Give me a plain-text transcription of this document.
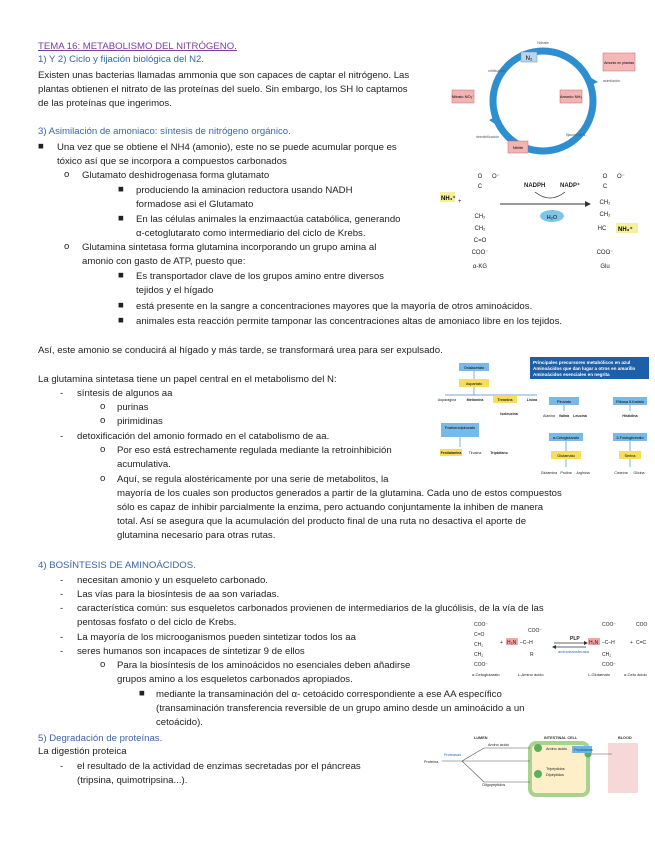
TEMA 16: METABOLISMO DEL NITRÓGENO.
1) Y 2) Ciclo y fijación biológica del N2.
Existen unas bacterias llamadas ammonia que son capaces de captar el nitrógeno. Las
plantas obtienen el nitrato de las proteínas del suelo. Sin embargo, los SH lo captamos
de las proteínas que ingerimos.
3) Asimilación de amoniaco: síntesis de nitrógeno orgánico.
■ Una vez que se obtiene el NH4 (amonio), este no se puede acumular porque es
tóxico así que se incorpora a compuestos carbonados
o Glutamato deshidrogenasa forma glutamato
■ produciendo la aminacion reductora usando NADH
formadose asi el Glutamato
■ En las células animales la enzimaactúa catabólica, generando
α-cetoglutarato como intermediario del ciclo de Krebs.
o Glutamina sintetasa forma glutamina incorporando un grupo amina al
amonio con gasto de ATP, puesto que:
■ Es transportador clave de los grupos amino entre diversos
tejidos y el hígado
■ está presente en la sangre a concentraciones mayores que la mayoría de otros aminoácidos.
■ animales esta reacción permite tamponar las concentraciones altas de amoniaco libre en los tejidos.
Así, este amonio se conducirá al hígado y más tarde, se transformará urea para ser expulsado.
La glutamina sintetasa tiene un papel central en el metabolismo del N:
- síntesis de algunos aa
o purinas
o pirimidinas
- detoxificación del amonio formado en el catabolismo de aa.
o Por eso está estrechamente regulada mediante la retroinhibición
acumulativa.
o Aquí, se regula alostéricamente por una serie de metabolitos, la
mayoría de los cuales son productos generados a partir de la glutamina. Cada uno de estos compuestos
sólo es capaz de inhibir parcialmente la enzima, pero actuando conjuntamente la inhiben de manera
total. Así se asegura que la acumulación del producto final de una ruta no desactiva el aporte de
glutamina necesario para otras rutas.
4) BOSÍNTESIS DE AMINOÁCIDOS.
- necesitan amonio y un esqueleto carbonado.
- Las vías para la biosíntesis de aa son variadas.
- característica común: sus esqueletos carbonados provienen de intermediarios de la glucólisis, de la vía de las
pentosas fosfato o del ciclo de Krebs.
- La mayoría de los microoganismos pueden sintetizar todos los aa
- seres humanos son incapaces de sintetizar 9 de ellos
o Para la biosíntesis de los aminoácidos no esenciales deben añadirse
grupos amino a los esqueletos carbonados apropiados.
■ mediante la transaminación del α- cetoácido correspondiente a ese AA específico
(transaminación transferencia reversible de un grupo amino desde un aminoácido a un
cetoácido).
5) Degradación de proteínas.
La digestión proteica
- el resultado de la actividad de enzimas secretadas por el páncreas
(tripsina, quimotripsina...).
N₂
Nitrato NO₃⁻	Amonio NH₃
Nitrite
Nitrate
Amonio en plantas
nitrificación
fijación de N₂
desnitrificación
asimilación
O O⁻
C
CH₂
CH₂
C=O
COO⁻
α-KG
O O⁻
C
CH₂
CH₂
HC
COO⁻
Glu
NADPH NADP⁺
+
NH₄⁺
NH₃⁺
H₂O
Principales precursores metabólicos en azul
Aminoácidos que dan lugar a otros en amarillo
Aminoácidos esenciales en negrita
Oxalacetato
Aspartato
Piruvato	Ribosa 5-fosfato
Fosfoenolpiruvato
α-Cetoglutarato
Glutamato
3-Fosfoglicerato
Serina
Asparagina	Metionina	Treonina	Lisina
Isoleucina	Alanina Valina Leucina	Histidina
Fenilalanina Tirosina Triptófano
Glutamina Prolina Arginina	Cisteína Glicina
COO⁻
C=O
CH₂
CH₂
COO⁻
+ H₃N –C–H
COO⁻
R
PLP
aminotransferasa
COO⁻
H₃N –C–H
CH₂
COO⁻
+
COO
C=C
α-Cetoglutarato	L-Amino ácido	L-Glutamato	α-Ceto ácido
LUMEN	INTESTINAL CELL	BLOOD
Proteína
Proteasas
Amino ácido
Amino ácido Peptidasas
Oligopéptidos
Tripéptidos
Dipéptidos
